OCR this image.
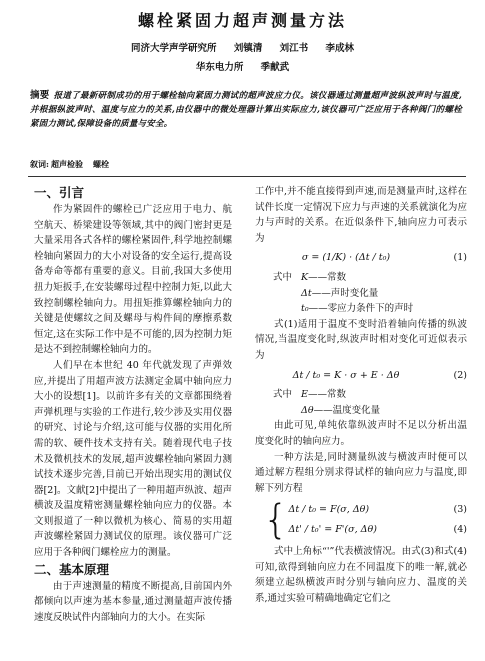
螺栓紧固力超声测量方法
同济大学声学研究所 刘镇清 刘江书 李成林
华东电力所 季献武
摘要 报道了最新研制成功的用于螺栓轴向紧固力测试的超声波应力仪。该仪器通过测量超声波纵波声时与温度,并根据纵波声时、温度与应力的关系,由仪器中的微处理器计算出实际应力,该仪器可广泛应用于各种阀门的螺栓紧固力测试,保障设备的质量与安全。
叙词: 超声检验 螺栓
一、引言

作为紧固件的螺栓已广泛应用于电力、航空航天、桥梁建设等领域,其中的阀门密封更是大量采用各式各样的螺栓紧固件,科学地控制螺栓轴向紧固力的大小对设备的安全运行,提高设备寿命等都有重要的意义。目前,我国大多使用扭力矩扳手,在安装螺母过程中控制力矩,以此大致控制螺栓轴向力。用扭矩推算螺栓轴向力的关键是使螺纹之间及螺母与构件间的摩擦系数恒定,这在实际工作中是不可能的,因为控制力矩是达不到控制螺栓轴向力的。

人们早在本世纪 40 年代就发现了声弹效应,并提出了用超声波方法测定金属中轴向应力大小的设想[1]。以前许多有关的文章都围绕着声弹机理与实验的工作进行,较少涉及实用仪器的研究、讨论与介绍,这可能与仪器的实用化所需的软、硬件技术支持有关。随着现代电子技术及微机技术的发展,超声波螺栓轴向紧固力测 试技术逐步完善,目前已开始出现实用的测试仪器[2]。文献[2]中提出了一种用超声纵波、超声横波及温度精密测量螺栓轴向应力的仪器。本文则报道了一种以微机为核心、简易的实用超声波螺栓紧固力测试仪的原理。该仪器可广泛应用于各种阀门螺栓应力的测量。

二、基本原理

由于声速测量的精度不断提高,目前国内外都倾向以声速为基本参量,通过测量超声波传播速度反映试件内部轴向力的大小。在实际

工作中,并不能直接得到声速,而是测量声时,这样在试件长度一定情况下应力与声速的关系就演化为应力与声时的关系。在近似条件下,轴向应力可表示为

σ = (1/K) · (Δt / t₀)	(1)
式中 K——常数
Δt——声时变化量
t₀——零应力条件下的声时

式(1)适用于温度不变时沿着轴向传播的纵波情况,当温度变化时,纵波声时相对变化可近似表示为

Δt / t₀ = K · σ + E · Δθ	(2)
式中 E——常数
Δθ——温度变化量

由此可见,单纯依靠纵波声时不足以分析出温度变化时的轴向应力。

一种方法是,同时测量纵波与横波声时便可以通过解方程组分别求得试样的轴向应力与温度,即解下列方程

{ Δt / t₀ = F(σ, Δθ)	(3)
Δt' / t₀' = F'(σ, Δθ)	(4)

式中上角标“'”代表横波情况。由式(3)和式(4)可知,欲得到轴向应力在不同温度下的唯一解,就必须建立起纵横波声时分别与轴向应力、温度的关系,通过实验可精确地确定它们之
